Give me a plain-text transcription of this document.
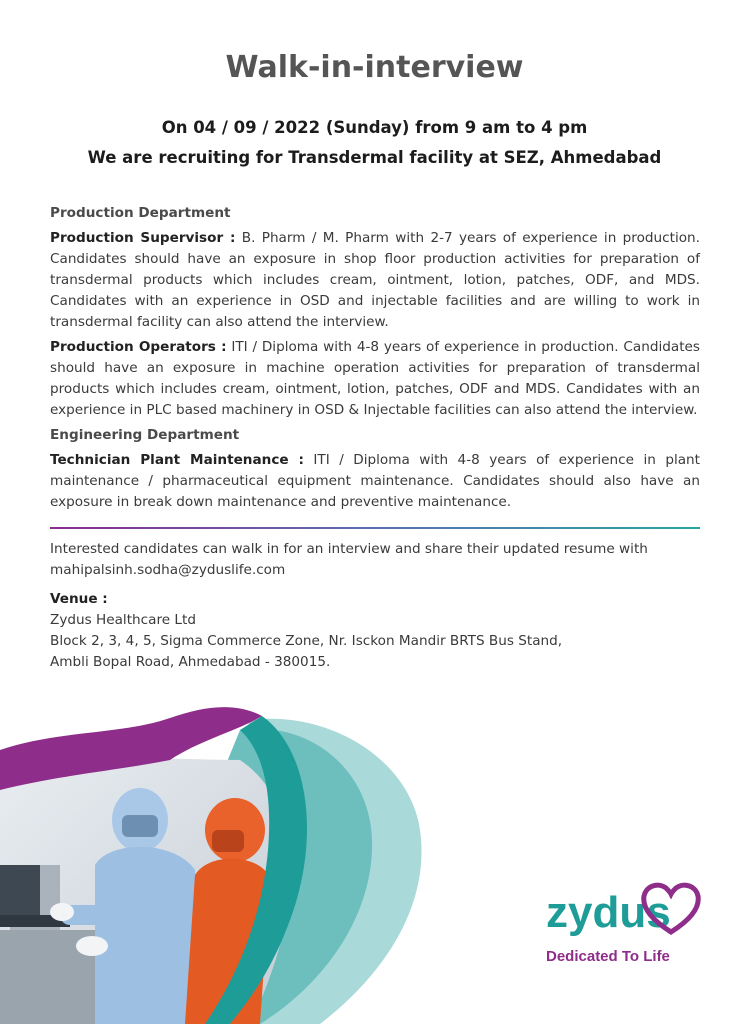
Walk-in-interview
On 04 / 09 / 2022 (Sunday) from 9 am to 4 pm
We are recruiting for Transdermal facility at SEZ, Ahmedabad
Production Department

Production Supervisor : B. Pharm / M. Pharm with 2-7 years of experience in production. Candidates should have an exposure in shop floor production activities for preparation of transdermal products which includes cream, ointment, lotion, patches, ODF, and MDS. Candidates with an experience in OSD and injectable facilities and are willing to work in transdermal facility can also attend the interview.

Production Operators : ITI / Diploma with 4-8 years of experience in production. Candidates should have an exposure in machine operation activities for preparation of transdermal products which includes cream, ointment, lotion, patches, ODF and MDS. Candidates with an experience in PLC based machinery in OSD & Injectable facilities can also attend the interview.

Engineering Department

Technician Plant Maintenance : ITI / Diploma with 4-8 years of experience in plant maintenance / pharmaceutical equipment maintenance. Candidates should also have an exposure in break down maintenance and preventive maintenance.

Interested candidates can walk in for an interview and share their updated resume with

mahipalsinh.sodha@zyduslife.com
Venue :
Zydus Healthcare Ltd
Block 2, 3, 4, 5, Sigma Commerce Zone, Nr. Isckon Mandir BRTS Bus Stand,
Ambli Bopal Road, Ahmedabad - 380015.
zydus
Dedicated To Life
